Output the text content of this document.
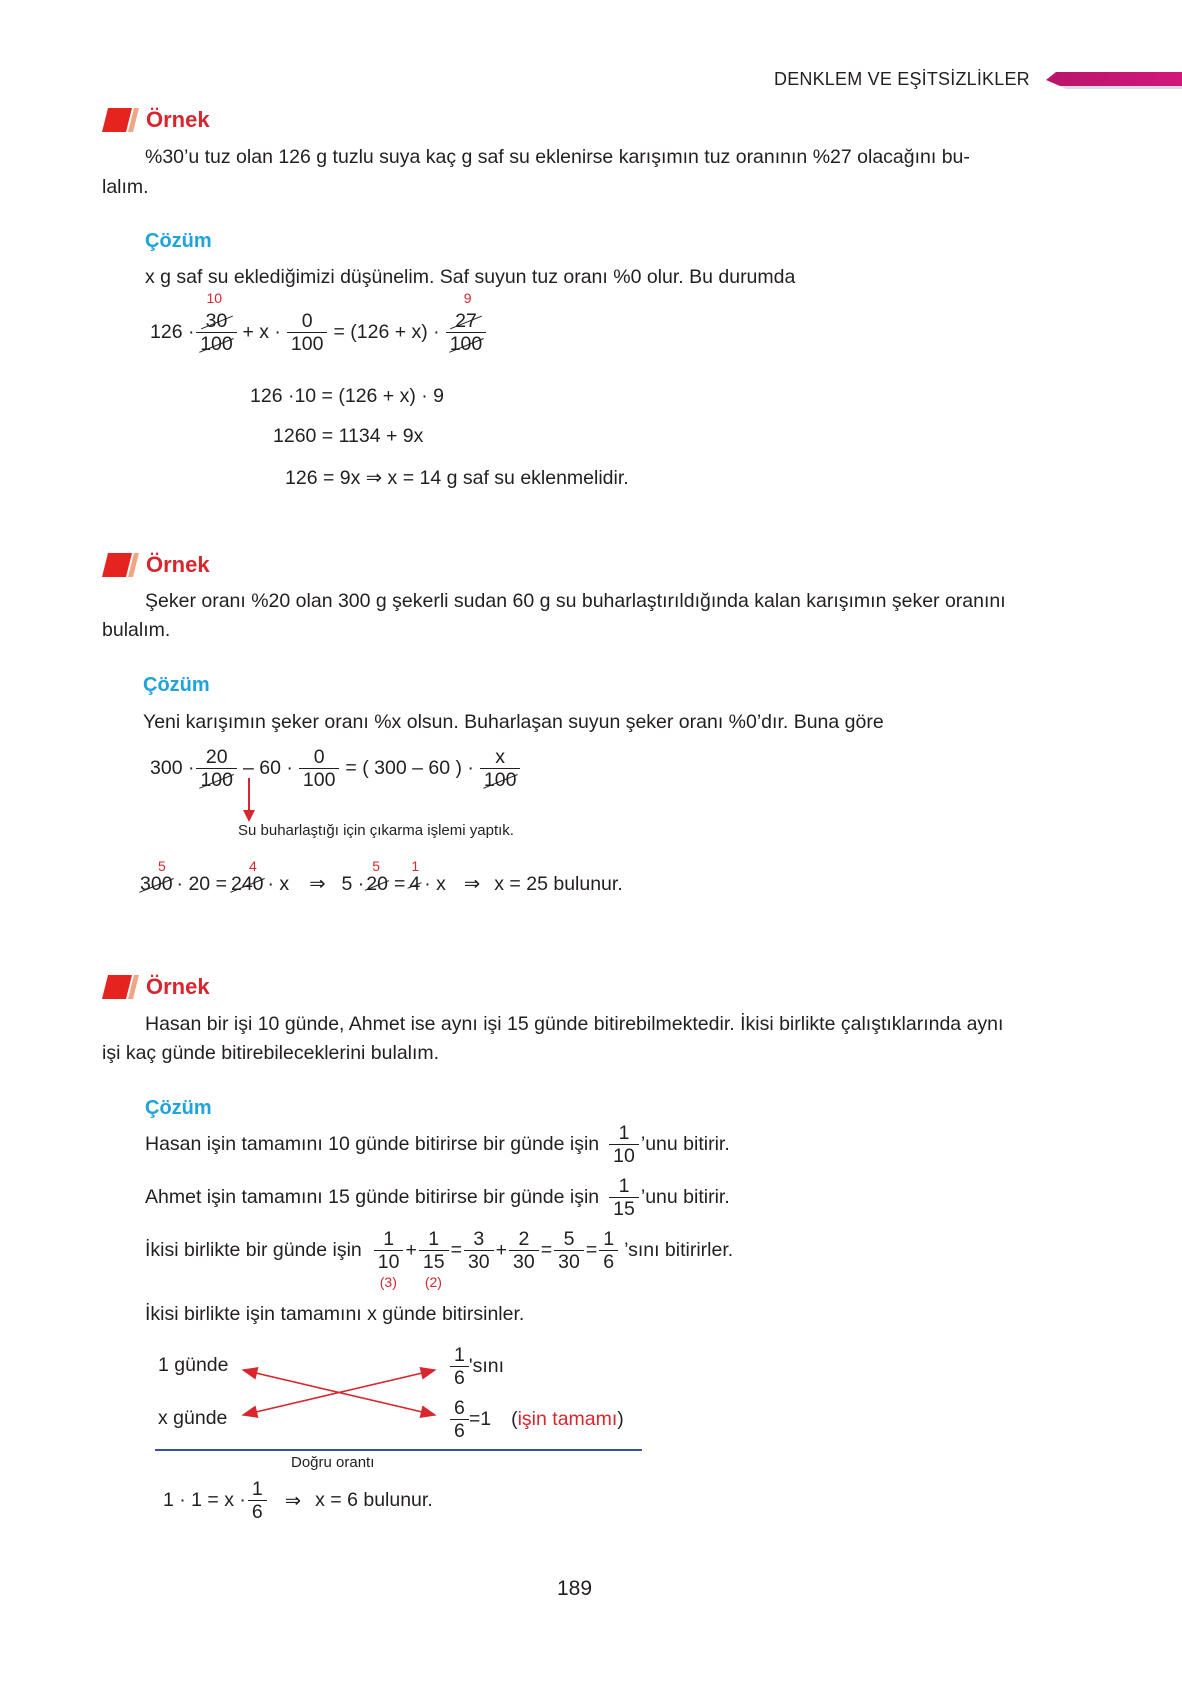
DENKLEM VE EŞİTSİZLİKLER
Örnek
%30’u tuz olan 126 g tuzlu suya kaç g saf su eklenirse karışımın tuz oranının %27 olacağını bu-
lalım.
Çözüm
x g saf su eklediğimizi düşünelim. Saf suyun tuz oranı %0 olur. Bu durumda
126 ·
10
30
100
+ $x \cdot \frac{0}{100} = (126 + x)$ ·
9
27
100
126 ·10 = (126 + x) · 9
1260 = 1134 + 9x
126 = 9x ⇒ x = 14 g saf su eklenmelidir.
Örnek
Şeker oranı %20 olan 300 g şekerli sudan 60 g su buharlaştırıldığında kalan karışımın şeker oranını
bulalım.
Çözüm
Yeni karışımın şeker oranı %x olsun. Buharlaşan suyun şeker oranı %0’dır. Buna göre
$300 \cdot \frac{20}{100} - 60 \cdot \frac{0}{100}$ = ( 300 – 60 ) · $\frac{x}{100}$
Su buharlaştığı için çıkarma işlemi yaptık.
5
300 · 20 =
4
240 · x ⇒ 5 ·
5
20 =
1
4 · x ⇒ x = 25 bulunur.
Örnek
Hasan bir işi 10 günde, Ahmet ise aynı işi 15 günde bitirebilmektedir. İkisi birlikte çalıştıklarında aynı
işi kaç günde bitirebileceklerini bulalım.
Çözüm
Hasan işin tamamını 10 günde bitirirse bir günde işin $\frac{1}{10}$ ’unu bitirir.
Ahmet işin tamamını 15 günde bitirirse bir günde işin $\frac{1}{15}$ ’unu bitirir.
İkisi birlikte bir günde işin 1
10
(3)
+ 1
15
(2)
= $\frac{3}{30} + \frac{2}{30} = \frac{5}{30} = \frac{1}{6}$ ’sını bitirirler.
İkisi birlikte işin tamamını x günde bitirsinler.
1 günde	$\frac{1}{6}$ 'sını
x günde	$\frac{6}{6} =1$ ( işin tamamı )
Doğru orantı
$1 \cdot 1 = x \cdot \frac{1}{6}$ ⇒ x = 6 bulunur.
189
